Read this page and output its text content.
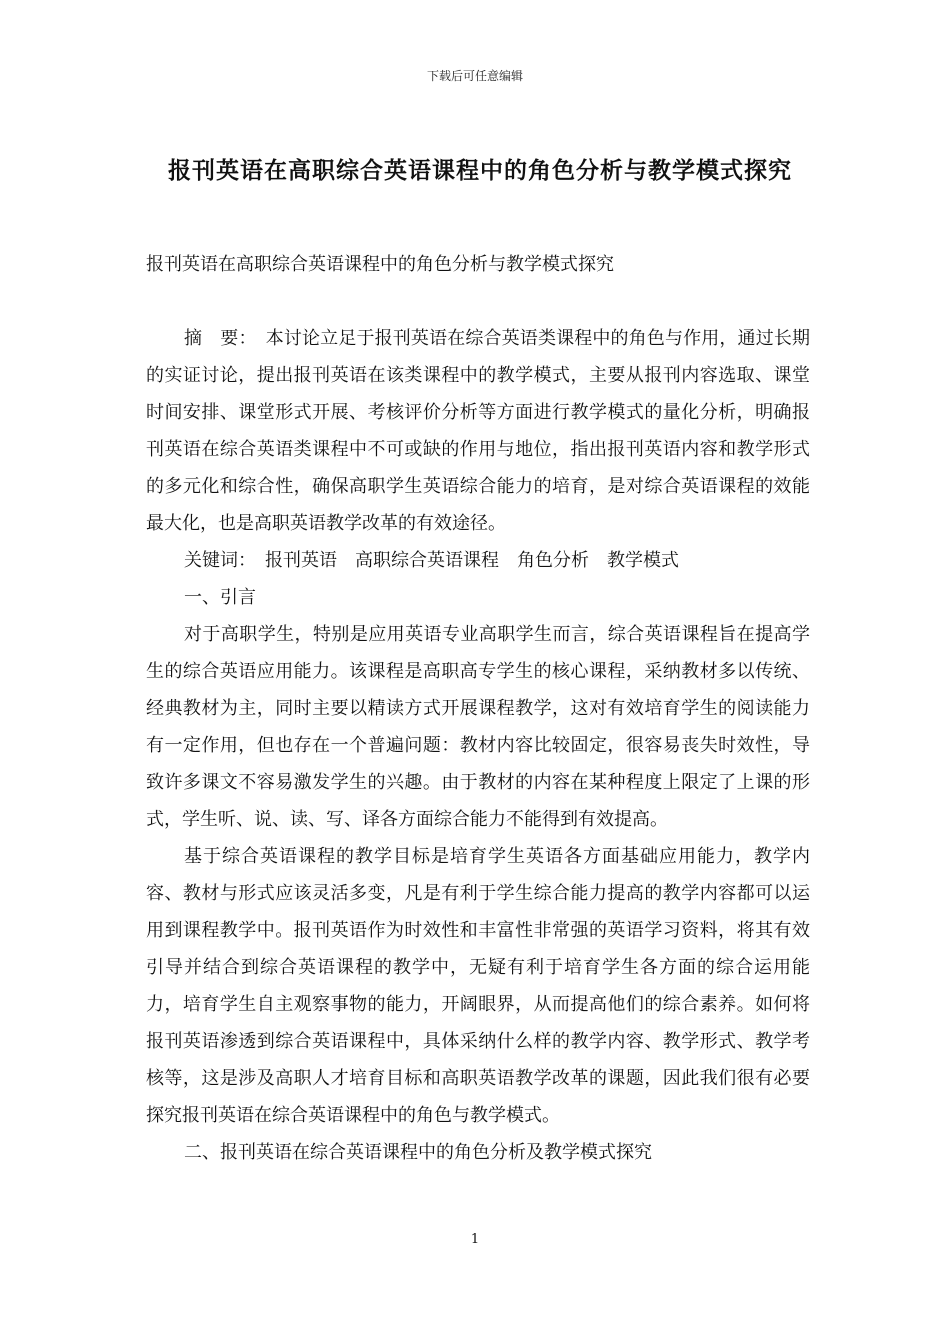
下载后可任意编辑
报刊英语在高职综合英语课程中的角色分析与教学模式探究

报刊英语在高职综合英语课程中的角色分析与教学模式探究

摘　要：　本讨论立足于报刊英语在综合英语类课程中的角色与作用，通过长期的实证讨论，提出报刊英语在该类课程中的教学模式，主要从报刊内容选取、课堂时间安排、课堂形式开展、考核评价分析等方面进行教学模式的量化分析，明确报刊英语在综合英语类课程中不可或缺的作用与地位，指出报刊英语内容和教学形式的多元化和综合性，确保高职学生英语综合能力的培育，是对综合英语课程的效能最大化，也是高职英语教学改革的有效途径。

关键词：　报刊英语　高职综合英语课程　角色分析　教学模式

一、引言

对于高职学生，特别是应用英语专业高职学生而言，综合英语课程旨在提高学生的综合英语应用能力。该课程是高职高专学生的核心课程，采纳教材多以传统、经典教材为主，同时主要以精读方式开展课程教学，这对有效培育学生的阅读能力有一定作用，但也存在一个普遍问题：教材内容比较固定，很容易丧失时效性，导致许多课文不容易激发学生的兴趣。由于教材的内容在某种程度上限定了上课的形式，学生听、说、读、写、译各方面综合能力不能得到有效提高。

基于综合英语课程的教学目标是培育学生英语各方面基础应用能力，教学内容、教材与形式应该灵活多变，凡是有利于学生综合能力提高的教学内容都可以运用到课程教学中。报刊英语作为时效性和丰富性非常强的英语学习资料，将其有效引导并结合到综合英语课程的教学中，无疑有利于培育学生各方面的综合运用能力，培育学生自主观察事物的能力，开阔眼界，从而提高他们的综合素养。如何将报刊英语渗透到综合英语课程中，具体采纳什么样的教学内容、教学形式、教学考核等，这是涉及高职人才培育目标和高职英语教学改革的课题，因此我们很有必要探究报刊英语在综合英语课程中的角色与教学模式。

二、报刊英语在综合英语课程中的角色分析及教学模式探究

1
